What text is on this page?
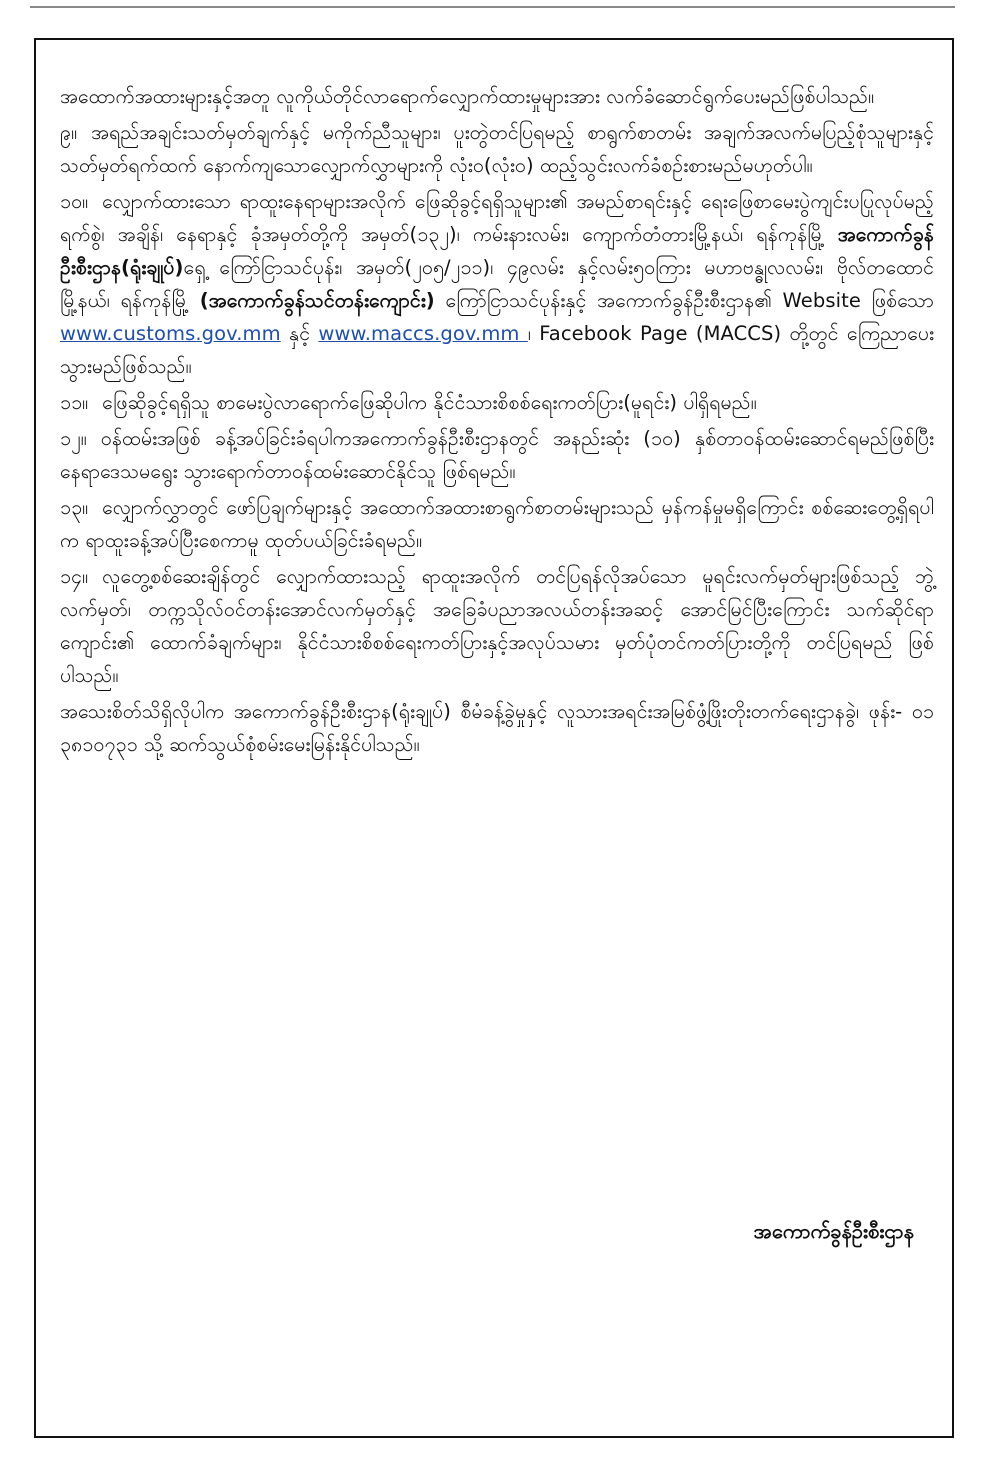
အထောက်အထားများနှင့်အတူ လူကိုယ်တိုင်လာရောက်လျှောက်ထားမှုများအား လက်ခံဆောင်ရွက်ပေးမည်ဖြစ်ပါသည်။

၉။ အရည်အချင်းသတ်မှတ်ချက်နှင့် မကိုက်ညီသူများ၊ ပူးတွဲတင်ပြရမည့် စာရွက်စာတမ်း အချက်အလက်မပြည့်စုံသူများနှင့် သတ်မှတ်ရက်ထက် နောက်ကျသောလျှောက်လွှာများကို လုံးဝ(လုံးဝ) ထည့်သွင်းလက်ခံစဉ်းစားမည်မဟုတ်ပါ။

၁၀။ လျှောက်ထားသော ရာထူးနေရာများအလိုက် ဖြေဆိုခွင့်ရရှိသူများ၏ အမည်စာရင်းနှင့် ရေးဖြေစာမေးပွဲကျင်းပပြုလုပ်မည့် ရက်စွဲ၊ အချိန်၊ နေရာနှင့် ခုံအမှတ်တို့ကို အမှတ်(၁၃၂)၊ ကမ်းနားလမ်း၊ ကျောက်တံတားမြို့နယ်၊ ရန်ကုန်မြို့ အကောက်ခွန်ဦးစီးဌာန(ရုံးချုပ်)ရှေ့ ကြော်ငြာသင်ပုန်း၊ အမှတ်(၂၀၅/၂၁၁)၊ ၄၉လမ်း နှင့်လမ်း၅၀ကြား မဟာဗန္ဓုလလမ်း၊ ဗိုလ်တထောင်မြို့နယ်၊ ရန်ကုန်မြို့ (အကောက်ခွန်သင်တန်းကျောင်း) ကြော်ငြာသင်ပုန်းနှင့် အကောက်ခွန်ဦးစီးဌာန၏ Website ဖြစ်သော www.customs.gov.mm နှင့် www.maccs.gov.mm ၊ Facebook Page (MACCS) တို့တွင် ကြေညာပေးသွားမည်ဖြစ်သည်။

၁၁။ ဖြေဆိုခွင့်ရရှိသူ စာမေးပွဲလာရောက်ဖြေဆိုပါက နိုင်ငံသားစိစစ်ရေးကတ်ပြား(မူရင်း) ပါရှိရမည်။

၁၂။ ဝန်ထမ်းအဖြစ် ခန့်အပ်ခြင်းခံရပါကအကောက်ခွန်ဦးစီးဌာနတွင် အနည်းဆုံး (၁၀) နှစ်တာဝန်ထမ်းဆောင်ရမည်ဖြစ်ပြီး နေရာဒေသမရွေး သွားရောက်တာဝန်ထမ်းဆောင်နိုင်သူ ဖြစ်ရမည်။

၁၃။ လျှောက်လွှာတွင် ဖော်ပြချက်များနှင့် အထောက်အထားစာရွက်စာတမ်းများသည် မှန်ကန်မှုမရှိကြောင်း စစ်ဆေးတွေ့ရှိရပါက ရာထူးခန့်အပ်ပြီးစေကာမူ ထုတ်ပယ်ခြင်းခံရမည်။

၁၄။ လူတွေ့စစ်ဆေးချိန်တွင် လျှောက်ထားသည့် ရာထူးအလိုက် တင်ပြရန်လိုအပ်သော မူရင်းလက်မှတ်များဖြစ်သည့် ဘွဲ့လက်မှတ်၊ တက္ကသိုလ်ဝင်တန်းအောင်လက်မှတ်နှင့် အခြေခံပညာအလယ်တန်းအဆင့် အောင်မြင်ပြီးကြောင်း သက်ဆိုင်ရာကျောင်း၏ ထောက်ခံချက်များ၊ နိုင်ငံသားစိစစ်ရေးကတ်ပြားနှင့်အလုပ်သမား မှတ်ပုံတင်ကတ်ပြားတို့ကို တင်ပြရမည် ဖြစ်ပါသည်။

အသေးစိတ်သိရှိလိုပါက အကောက်ခွန်ဦးစီးဌာန(ရုံးချုပ်) စီမံခန့်ခွဲမှုနှင့် လူသားအရင်းအမြစ်ဖွံ့ဖြိုးတိုးတက်ရေးဌာနခွဲ၊ ဖုန်း- ၀၁ ၃၈၁၀၇၃၁ သို့ ဆက်သွယ်စုံစမ်းမေးမြန်းနိုင်ပါသည်။

အကောက်ခွန်ဦးစီးဌာန
